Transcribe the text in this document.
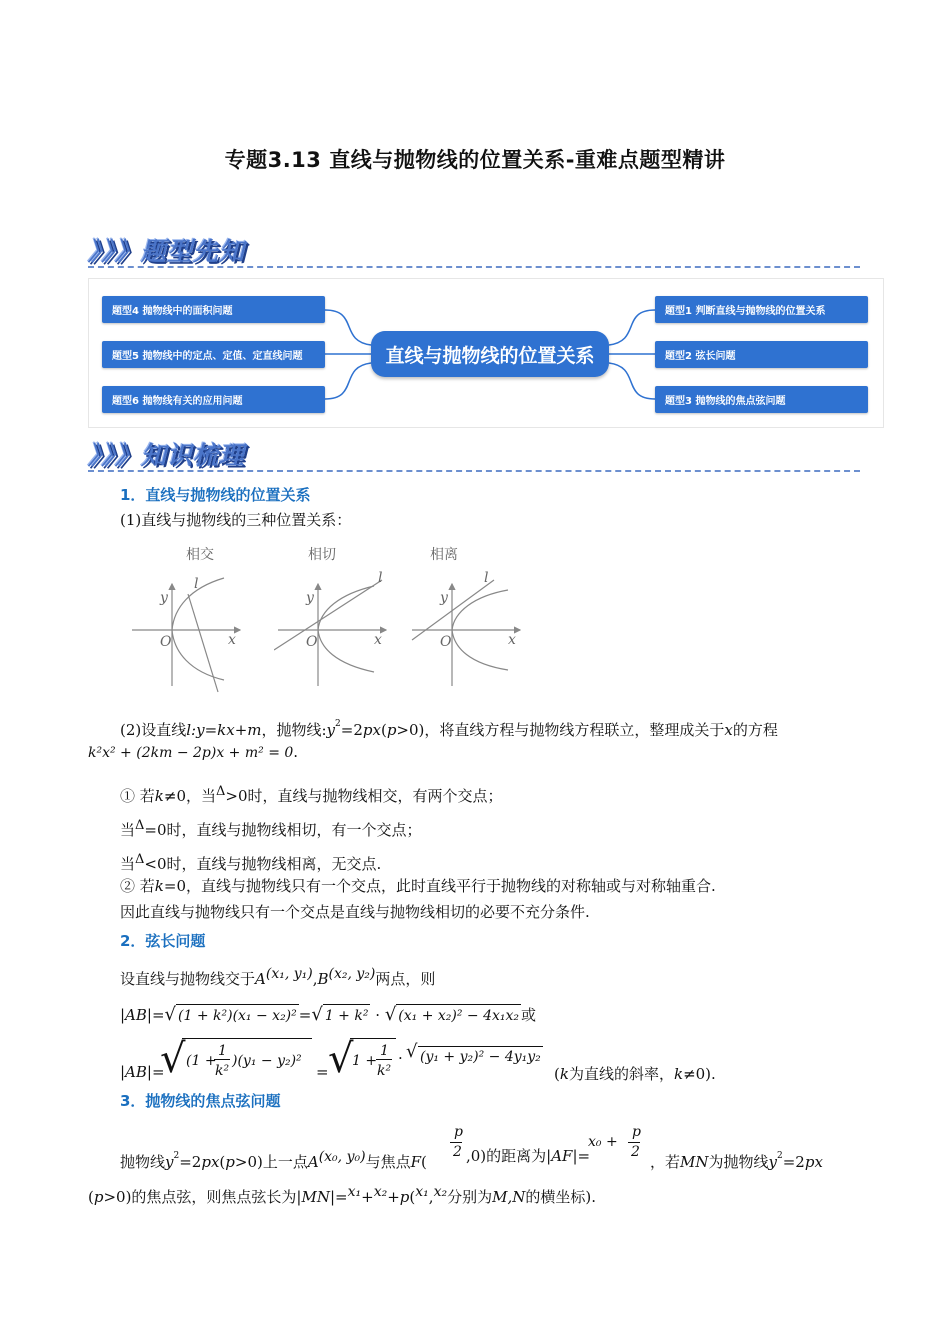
专题3.13 直线与抛物线的位置关系-重难点题型精讲
》》》题型先知
题型4 抛物线中的面积问题
题型5 抛物线中的定点、定值、定直线问题
题型6 抛物线有关的应用问题
直线与抛物线的位置关系
题型1 判断直线与抛物线的位置关系
题型2 弦长问题
题型3 抛物线的焦点弦问题
》》》知识梳理
1．直线与抛物线的位置关系
(1)直线与抛物线的三种位置关系：
相交	相切	相离
l
y
x
O
l
y
x
O
l
y
x
O
(2)设直线l:y=kx+m，抛物线$:y^2=2px(p>0)$，将直线方程与抛物线方程联立，整理成关于x的方程
k²x² + (2km − 2p)x + m² = 0.
① 若k≠0，当$^\Delta$>0时，直线与抛物线相交，有两个交点；
当$^\Delta$=0时，直线与抛物线相切，有一个交点；
当$^\Delta$<0时，直线与抛物线相离，无交点.
② 若k=0，直线与抛物线只有一个交点，此时直线平行于抛物线的对称轴或与对称轴重合.
因此直线与抛物线只有一个交点是直线与抛物线相切的必要不充分条件.
2．弦长问题
设直线与抛物线交于A(x₁, y₁),B(x₂, y₂)两点，则
|AB|=√ (1 + k²)(x₁ − x₂)² =√ 1 + k² · √ (x₁ + x₂)² − 4x₁x₂ 或
|AB|=
√ (1 +
1
k²
)(y₁ − y₂)²
= √
1 +
1
k²
· √ (y₁ + y₂)² − 4y₁y₂
(k为直线的斜率，k≠0).
3．抛物线的焦点弦问题
抛物线$y^2=2px(p>0)$上一点A(x₀, y₀)与焦点F(
p
2 ,0)的距离为|AF|=
x₀ +
p
2
，若MN为抛物线$y^2=2px$
(p>0)的焦点弦，则焦点弦长为|MN|=x₁+x₂+p(x₁,x₂分别为M,N的横坐标).
